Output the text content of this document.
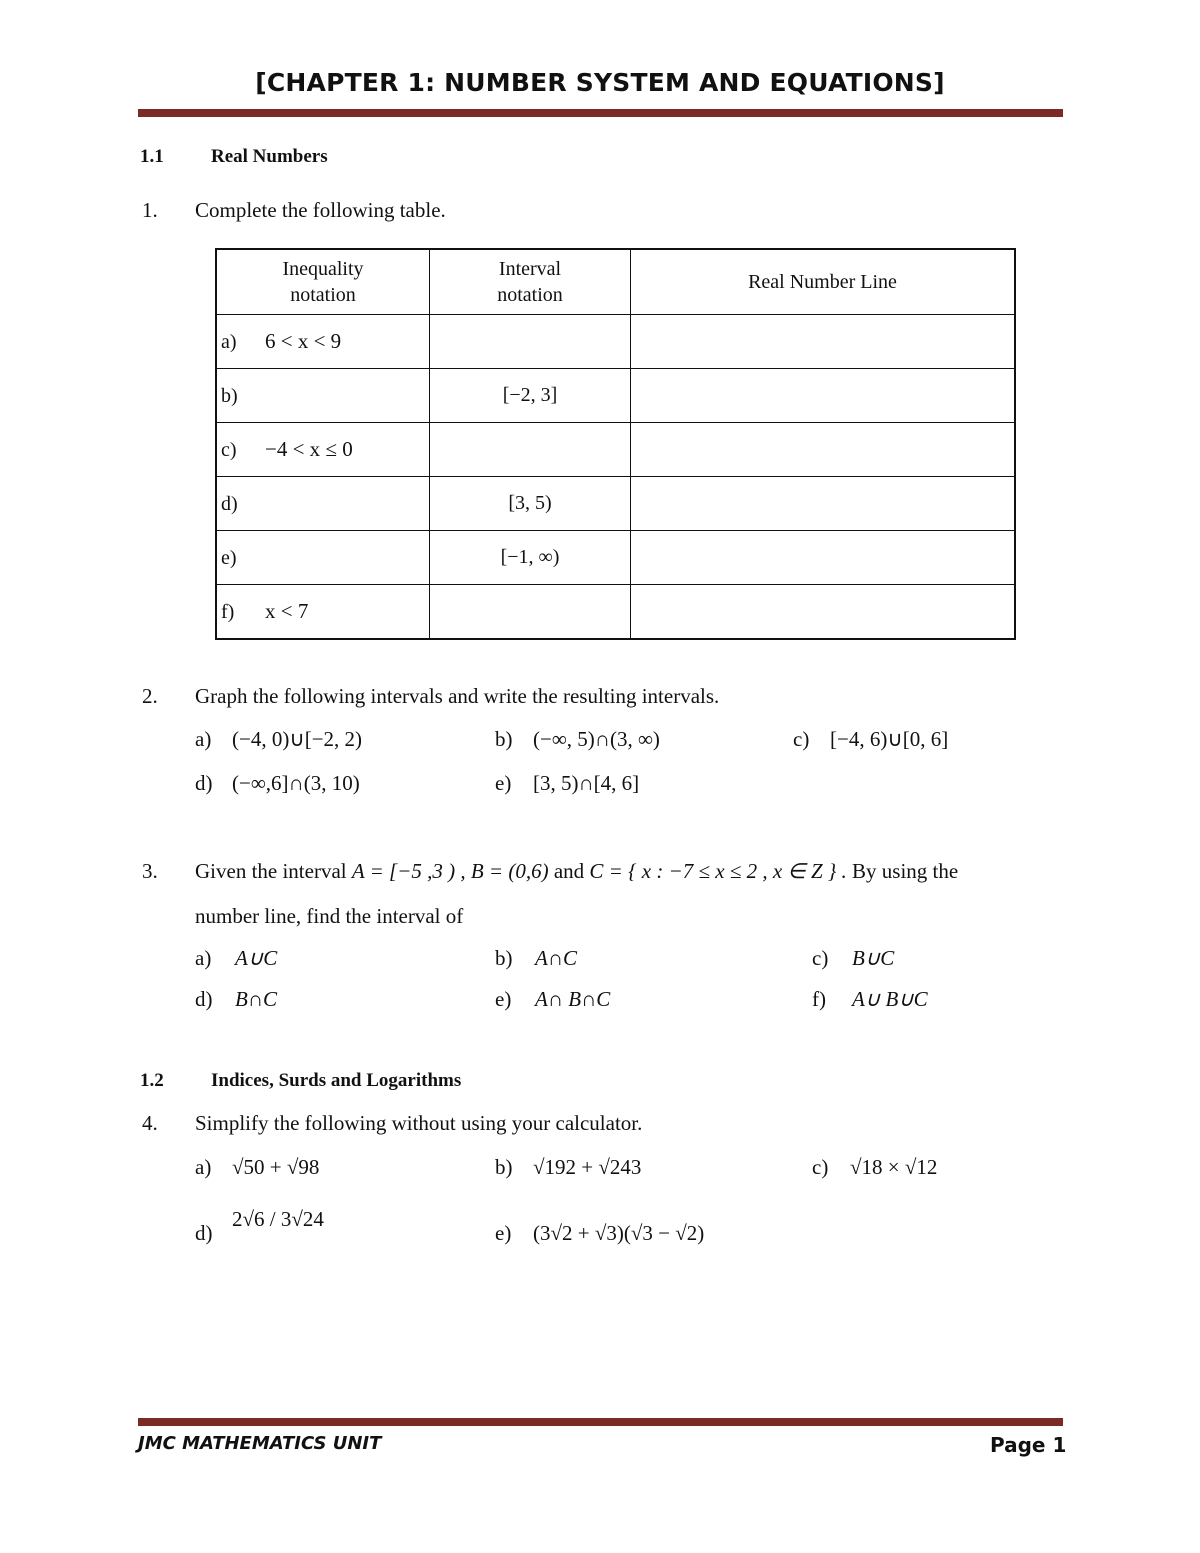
[CHAPTER 1: NUMBER SYSTEM AND EQUATIONS]
1.1 Real Numbers
1. Complete the following table.
Inequality notation	Interval notation	Real Number Line
a) 6 < x < 9		
b)	[−2, 3]	
c) −4 < x ≤ 0		
d)	[3, 5)	
e)	[−1, ∞)	
f) x < 7		
2. Graph the following intervals and write the resulting intervals.
a) (−4, 0)∪[−2, 2)	b) (−∞, 5)∩(3, ∞)	c) [−4, 6)∪[0, 6]
d) (−∞,6]∩(3, 10)	e) [3, 5)∩[4, 6]
3. Given the interval A = [−5 ,3 ) , B = (0,6) and C = { x : −7 ≤ x ≤ 2 , x ∈ Z } . By using the
number line, find the interval of
a) A∪C	b) A∩C	c) B∪C
d) B∩C	e) A∩ B∩C	f) A∪ B∪C
1.2 Indices, Surds and Logarithms
4. Simplify the following without using your calculator.
a) √50 + √98	b) √192 + √243	c) √18 × √12
d)
2√6 / 3√24
e) (3√2 + √3)(√3 − √2)
JMC MATHEMATICS UNIT	Page 1
